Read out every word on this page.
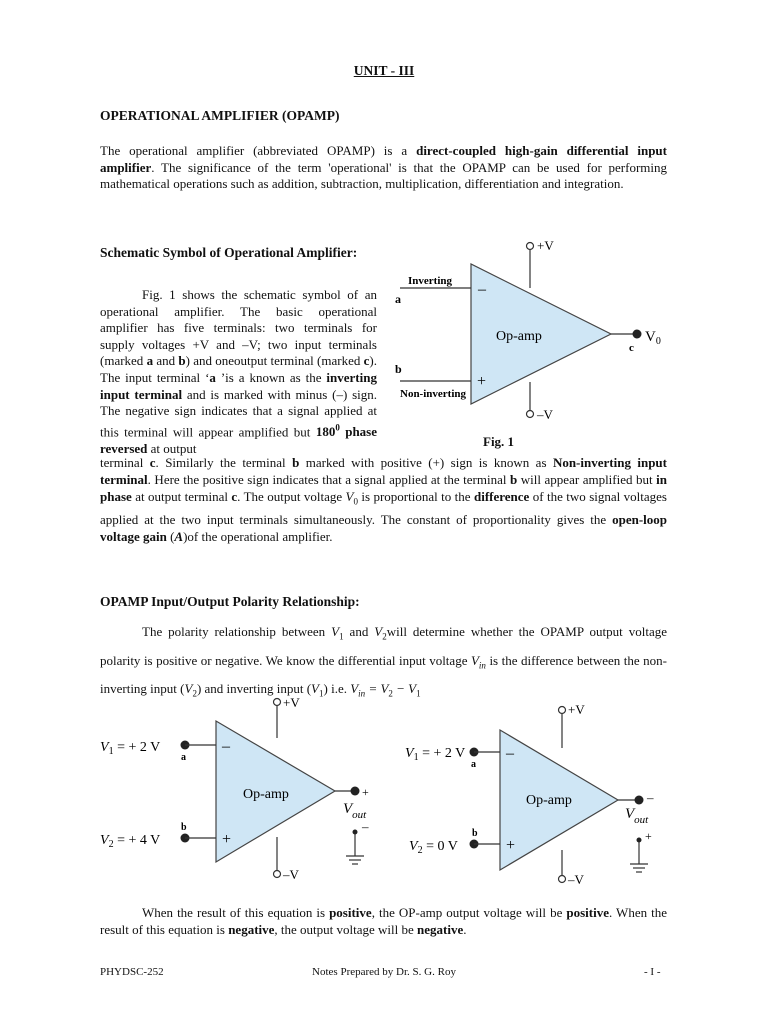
UNIT - III
OPERATIONAL AMPLIFIER (OPAMP)

The operational amplifier (abbreviated OPAMP) is a direct-coupled high-gain differential input amplifier. The significance of the term 'operational' is that the OPAMP can be used for performing mathematical operations such as addition, subtraction, multiplication, differentiation and integration.

Schematic Symbol of Operational Amplifier:

Fig. 1 shows the schematic symbol of an operational amplifier. The basic operational amplifier has five terminals: two terminals for supply voltages +V and –V; two input terminals (marked a and b) and oneoutput terminal (marked c). The input terminal ‘a ’is a known as the inverting input terminal and is marked with minus (–) sign. The negative sign indicates that a signal applied at this terminal will appear amplified but $180^0$ phase reversed at output

terminal c. Similarly the terminal b marked with positive (+) sign is known as Non-inverting input terminal. Here the positive sign indicates that a signal applied at the terminal b will appear amplified but in phase at output terminal c. The output voltage $V_0$ is proportional to the difference of the two signal voltages applied at the two input terminals simultaneously. The constant of proportionality gives the open-loop voltage gain (A)of the operational amplifier.

+V
–V
Inverting
Non-inverting
a
b
c
Op-amp
–
+
$V_0$
Fig. 1
OPAMP Input/Output Polarity Relationship:

The polarity relationship between $V_1$ and $V_2will$ determine whether the OPAMP output voltage polarity is positive or negative. We know the differential input voltage $V_{in}$ is the difference between the non-inverting input $(V_2)$ and inverting input $(V_1)$ i.e. $V_{in} = V_2 - V_1$

+V
–V
Op-amp
–
+
a
b
$V_1$ = + 2 V
$V_2$ = + 4 V
+
–
$V_{out}$
+V
–V
Op-amp
–
+
a
b
$V_1$ = + 2 V
$V_2 = 0$ V
–
+
$V_{out}$

When the result of this equation is positive, the OP-amp output voltage will be positive. When the result of this equation is negative, the output voltage will be negative.

PHYDSC-252	Notes Prepared by Dr. S. G. Roy	- I -
